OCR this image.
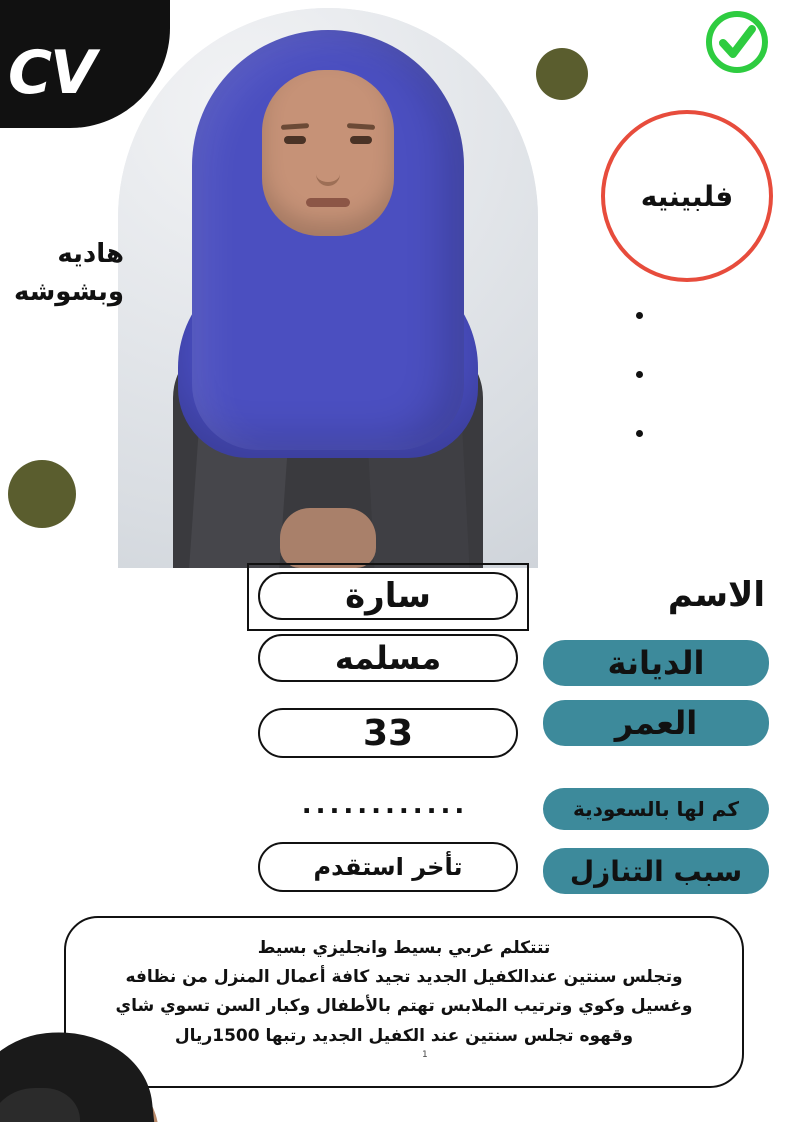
CV
فلبينيه
هاديه وبشوشه
الاسم
الديانة
العمر
كم لها بالسعودية
سبب التنازل
سارة
مسلمه
33
............
تأخر استقدم

تتتكلم عربي بسيط وانجليزي بسيط

وتجلس سنتين عندالكفيل الجديد تجيد كافة أعمال المنزل من نظافه

وغسيل وكوي وترتيب الملابس تهتم بالأطفال وكبار السن تسوي شاي

وقهوه تجلس سنتين عند الكفيل الجديد رتبها 1500ريال

1
